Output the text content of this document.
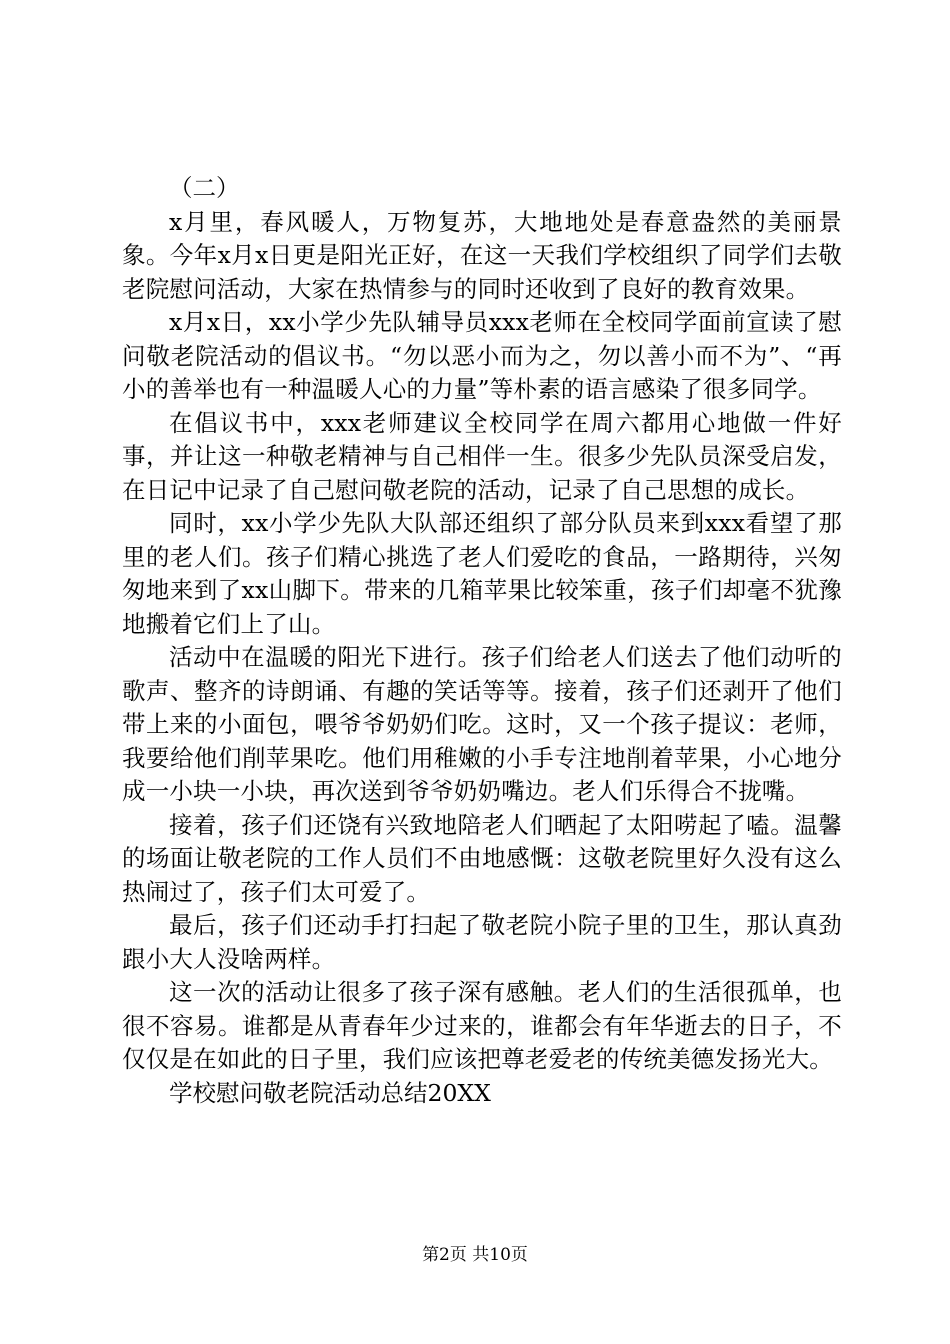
（二）

x月里，春风暖人，万物复苏，大地地处是春意盎然的美丽景象。今年x月x日更是阳光正好，在这一天我们学校组织了同学们去敬老院慰问活动，大家在热情参与的同时还收到了良好的教育效果。

x月x日，xx小学少先队辅导员xxx老师在全校同学面前宣读了慰问敬老院活动的倡议书。“勿以恶小而为之，勿以善小而不为”、“再小的善举也有一种温暖人心的力量”等朴素的语言感染了很多同学。

在倡议书中，xxx老师建议全校同学在周六都用心地做一件好事，并让这一种敬老精神与自己相伴一生。很多少先队员深受启发，在日记中记录了自己慰问敬老院的活动，记录了自己思想的成长。

同时，xx小学少先队大队部还组织了部分队员来到xxx看望了那里的老人们。孩子们精心挑选了老人们爱吃的食品，一路期待，兴匆匆地来到了xx山脚下。带来的几箱苹果比较笨重，孩子们却毫不犹豫地搬着它们上了山。

活动中在温暖的阳光下进行。孩子们给老人们送去了他们动听的歌声、整齐的诗朗诵、有趣的笑话等等。接着，孩子们还剥开了他们带上来的小面包，喂爷爷奶奶们吃。这时，又一个孩子提议：老师，我要给他们削苹果吃。他们用稚嫩的小手专注地削着苹果，小心地分成一小块一小块，再次送到爷爷奶奶嘴边。老人们乐得合不拢嘴。

接着，孩子们还饶有兴致地陪老人们晒起了太阳唠起了嗑。温馨的场面让敬老院的工作人员们不由地感慨：这敬老院里好久没有这么热闹过了，孩子们太可爱了。

最后，孩子们还动手打扫起了敬老院小院子里的卫生，那认真劲跟小大人没啥两样。

这一次的活动让很多了孩子深有感触。老人们的生活很孤单，也很不容易。谁都是从青春年少过来的，谁都会有年华逝去的日子，不仅仅是在如此的日子里，我们应该把尊老爱老的传统美德发扬光大。

学校慰问敬老院活动总结20XX

第2页 共10页
